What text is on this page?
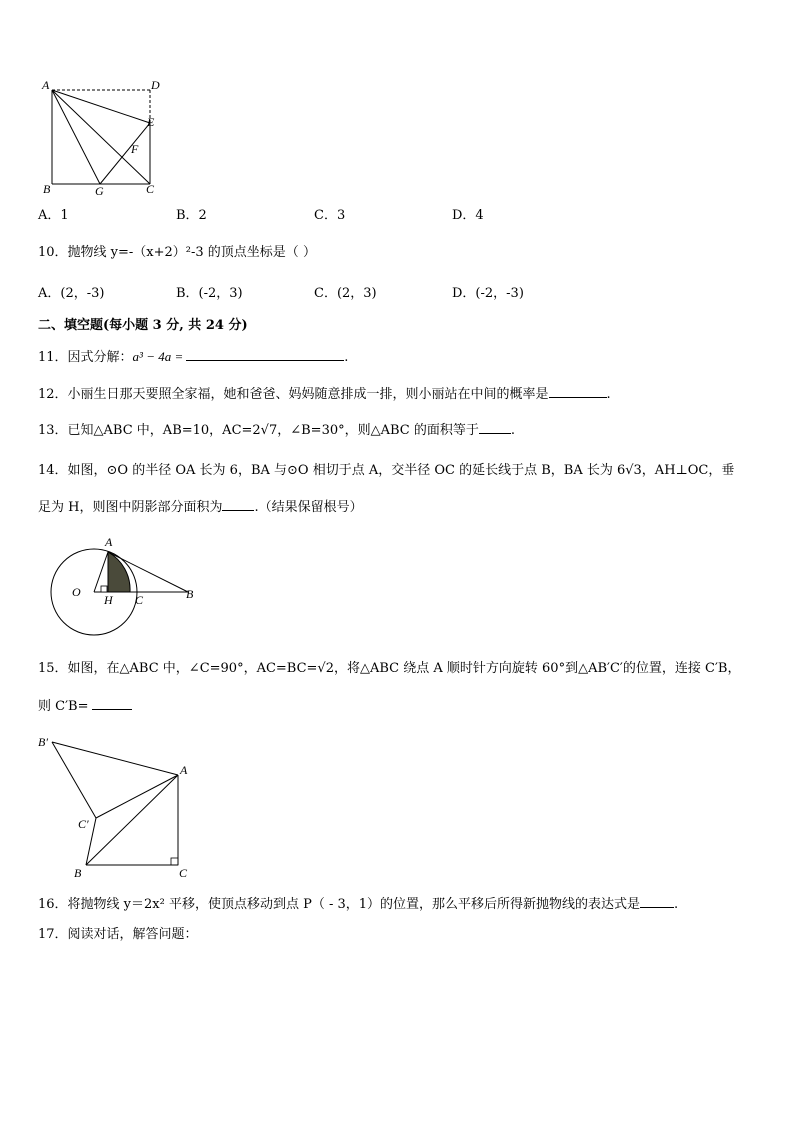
A	D
E
F
B	G	C
A．1	B．2	C．3	D．4
10．抛物线 y=-（x+2）²-3 的顶点坐标是（ ）
A．(2，-3)	B．(-2，3)	C．(2，3)	D．(-2，-3)
二、填空题(每小题 3 分, 共 24 分)
11．因式分解：a³ − 4a =	.
12．小丽生日那天要照全家福，她和爸爸、妈妈随意排成一排，则小丽站在中间的概率是	.
13．已知△ABC 中，AB=10，AC=2√7，∠B=30°，则△ABC 的面积等于 .
14．如图，⊙O 的半径 OA 长为 6，BA 与⊙O 相切于点 A，交半径 OC 的延长线于点 B，BA 长为 6√3，AH⊥OC，垂
足为 H，则图中阴影部分面积为 .（结果保留根号）
A
O
H C	B
15．如图，在△ABC 中，∠C=90°，AC=BC=√2，将△ABC 绕点 A 顺时针方向旋转 60°到△AB′C′的位置，连接 C′B，
则 C′B=
B′
A
C′
B	C
16．将抛物线 y＝2x² 平移，使顶点移动到点 P（ - 3，1）的位置，那么平移后所得新抛物线的表达式是	.
17．阅读对话，解答问题：
